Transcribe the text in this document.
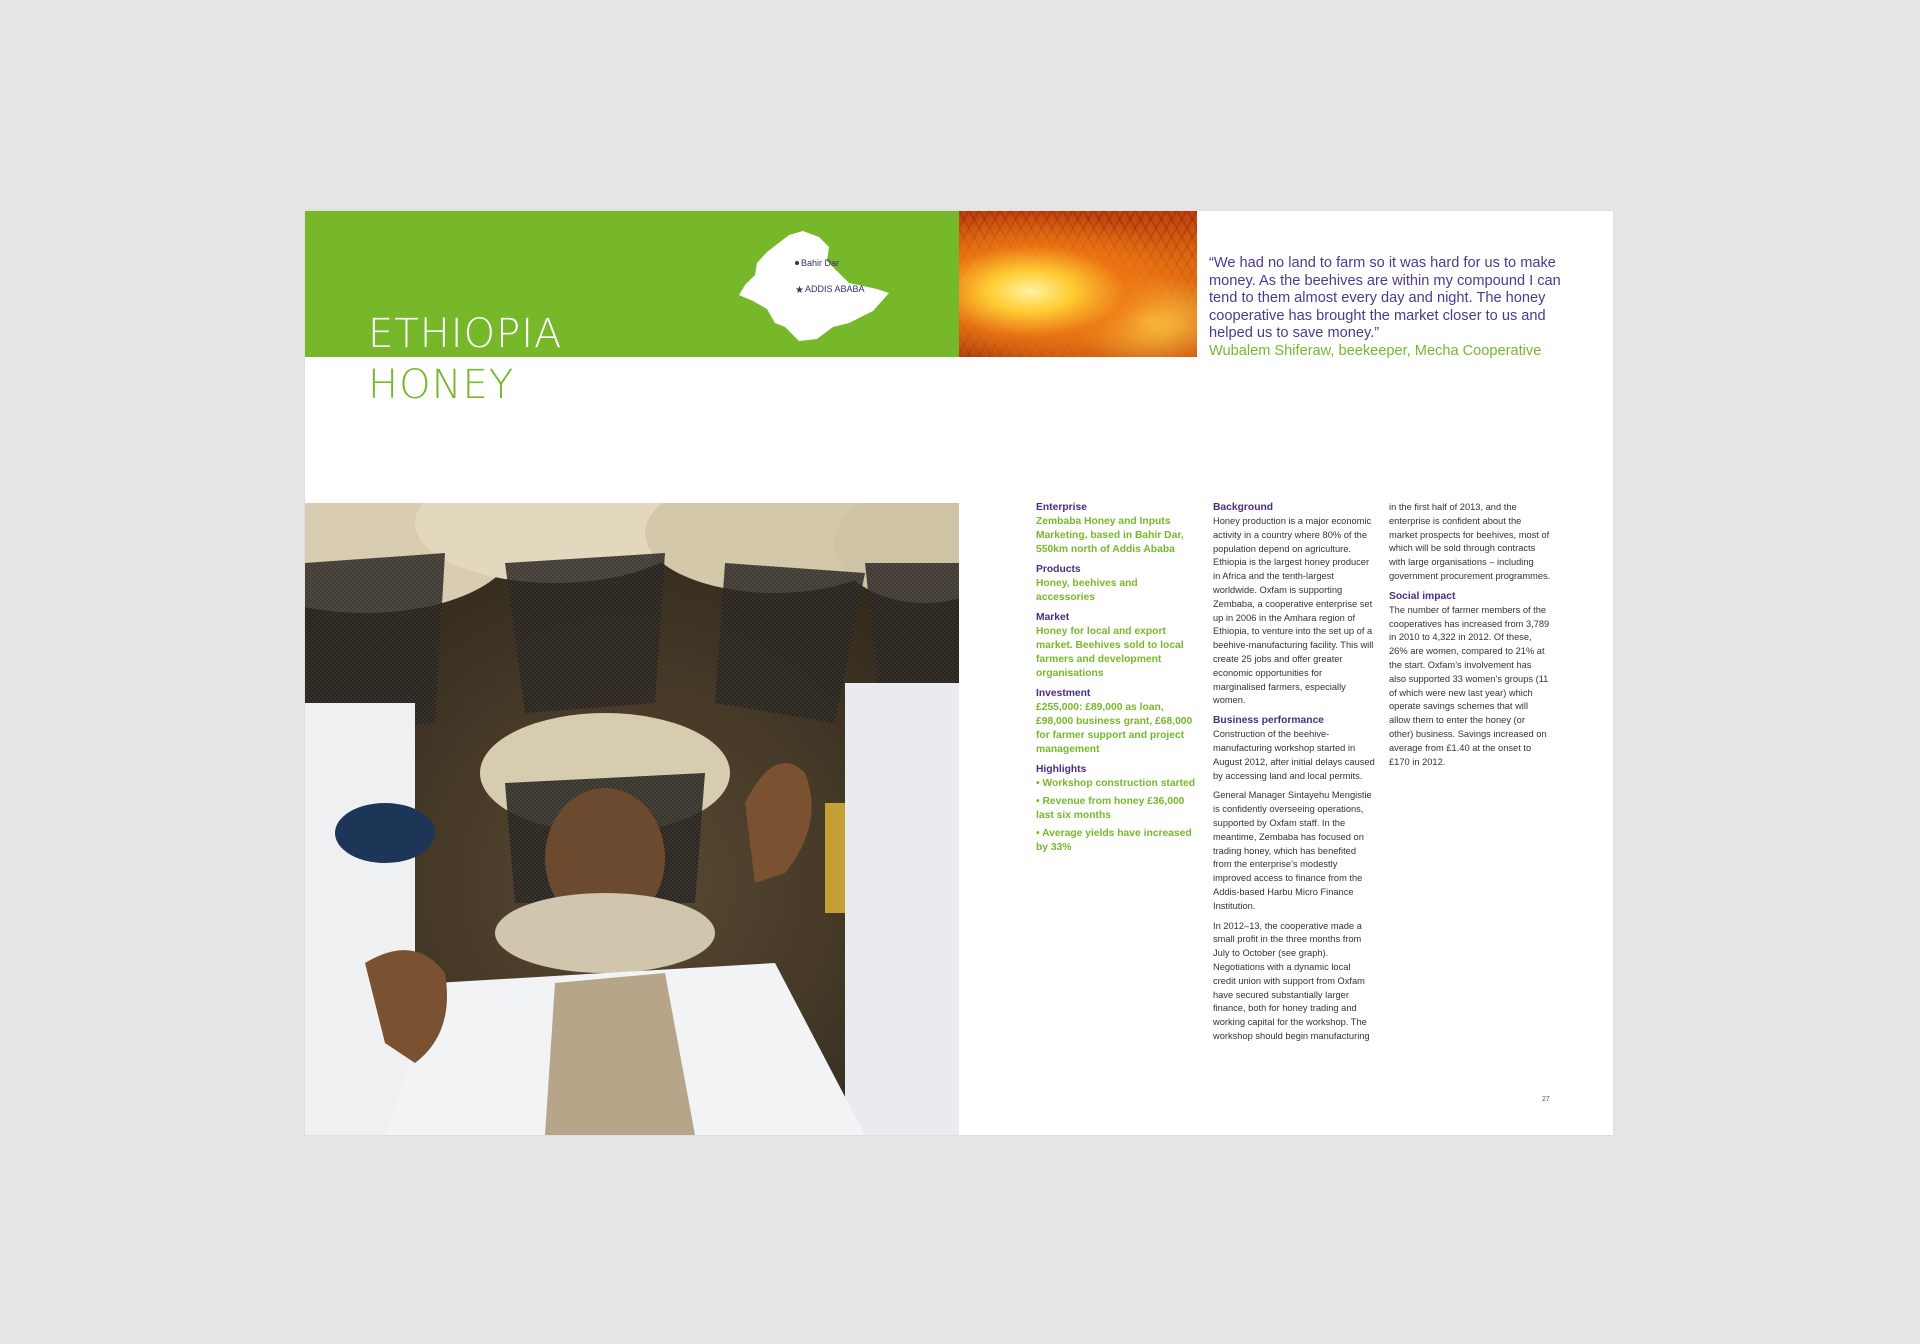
Bahir Dar
★ ADDIS ABABA
ETHIOPIA
HONEY
“We had no land to farm so it was hard for us to make money. As the beehives are within my compound I can tend to them almost every day and night. The honey cooperative has brought the market closer to us and helped us to save money.”
Wubalem Shiferaw, beekeeper, Mecha Cooperative

Enterprise

Zembaba Honey and Inputs Marketing, based in Bahir Dar, 550km north of Addis Ababa

Products

Honey, beehives and accessories

Market

Honey for local and export market. Beehives sold to local farmers and development organisations

Investment

£255,000: £89,000 as loan, £98,000 business grant, £68,000 for farmer support and project management

Highlights

• Workshop construction started

• Revenue from honey £36,000 last six months

• Average yields have increased by 33%

Background

Honey production is a major economic activity in a country where 80% of the population depend on agriculture. Ethiopia is the largest honey producer in Africa and the tenth-largest worldwide. Oxfam is supporting Zembaba, a cooperative enterprise set up in 2006 in the Amhara region of Ethiopia, to venture into the set up of a beehive-manufacturing facility. This will create 25 jobs and offer greater economic opportunities for marginalised farmers, especially women.

Business performance

Construction of the beehive-manufacturing workshop started in August 2012, after initial delays caused by accessing land and local permits.

General Manager Sintayehu Mengistie is confidently overseeing operations, supported by Oxfam staff. In the meantime, Zembaba has focused on trading honey, which has benefited from the enterprise’s modestly improved access to finance from the Addis-based Harbu Micro Finance Institution.

In 2012–13, the cooperative made a small profit in the three months from July to October (see graph). Negotiations with a dynamic local credit union with support from Oxfam have secured substantially larger finance, both for honey trading and working capital for the workshop. The workshop should begin manufacturing

in the first half of 2013, and the enterprise is confident about the market prospects for beehives, most of which will be sold through contracts with large organisations – including government procurement programmes.

Social impact

The number of farmer members of the cooperatives has increased from 3,789 in 2010 to 4,322 in 2012. Of these, 26% are women, compared to 21% at the start. Oxfam’s involvement has also supported 33 women’s groups (11 of which were new last year) which operate savings schemes that will allow them to enter the honey (or other) business. Savings increased on average from £1.40 at the onset to £170 in 2012.

27
